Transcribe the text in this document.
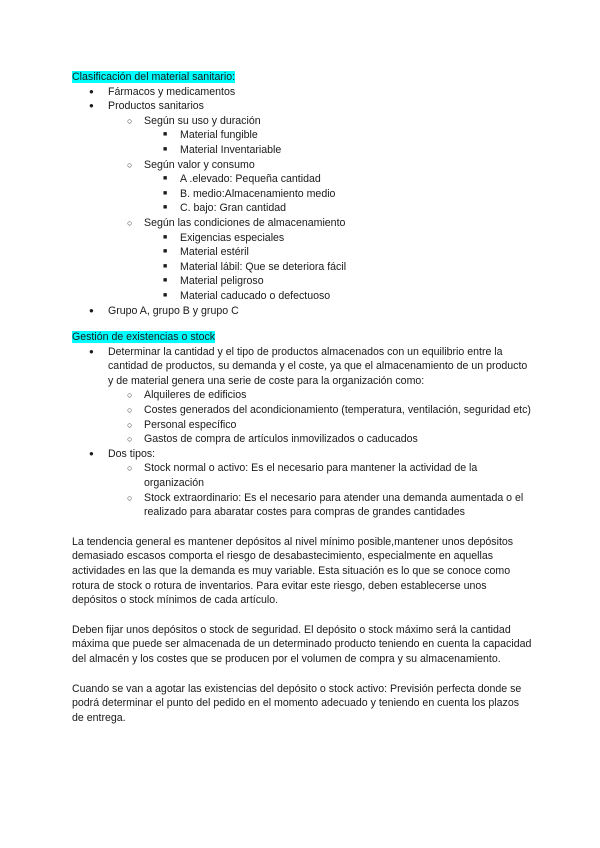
Clasificación del material sanitario:

● Fármacos y medicamentos
● Productos sanitarios
○ Según su uso y duración
■ Material fungible
■ Material Inventariable
○ Según valor y consumo
■ A .elevado: Pequeña cantidad
■ B. medio:Almacenamiento medio
■ C. bajo: Gran cantidad
○ Según las condiciones de almacenamiento
■ Exigencias especiales
■ Material estéril
■ Material lábil: Que se deteriora fácil
■ Material peligroso
■ Material caducado o defectuoso
● Grupo A, grupo B y grupo C

Gestión de existencias o stock

● Determinar la cantidad y el tipo de productos almacenados con un equilibrio entre la cantidad de productos, su demanda y el coste, ya que el almacenamiento de un producto y de material genera una serie de coste para la organización como:
○ Alquileres de edificios
○ Costes generados del acondicionamiento (temperatura, ventilación, seguridad etc)
○ Personal específico
○ Gastos de compra de artículos inmovilizados o caducados
● Dos tipos:
○ Stock normal o activo: Es el necesario para mantener la actividad de la organización
○ Stock extraordinario: Es el necesario para atender una demanda aumentada o el realizado para abaratar costes para compras de grandes cantidades

La tendencia general es mantener depósitos al nivel mínimo posible,mantener unos depósitos demasiado escasos comporta el riesgo de desabastecimiento, especialmente en aquellas actividades en las que la demanda es muy variable. Esta situación es lo que se conoce como rotura de stock o rotura de inventarios. Para evitar este riesgo, deben establecerse unos depósitos o stock mínimos de cada artículo.

Deben fijar unos depósitos o stock de seguridad. El depósito o stock máximo será la cantidad máxima que puede ser almacenada de un determinado producto teniendo en cuenta la capacidad del almacén y los costes que se producen por el volumen de compra y su almacenamiento.

Cuando se van a agotar las existencias del depósito o stock activo: Previsión perfecta donde se podrá determinar el punto del pedido en el momento adecuado y teniendo en cuenta los plazos de entrega.
